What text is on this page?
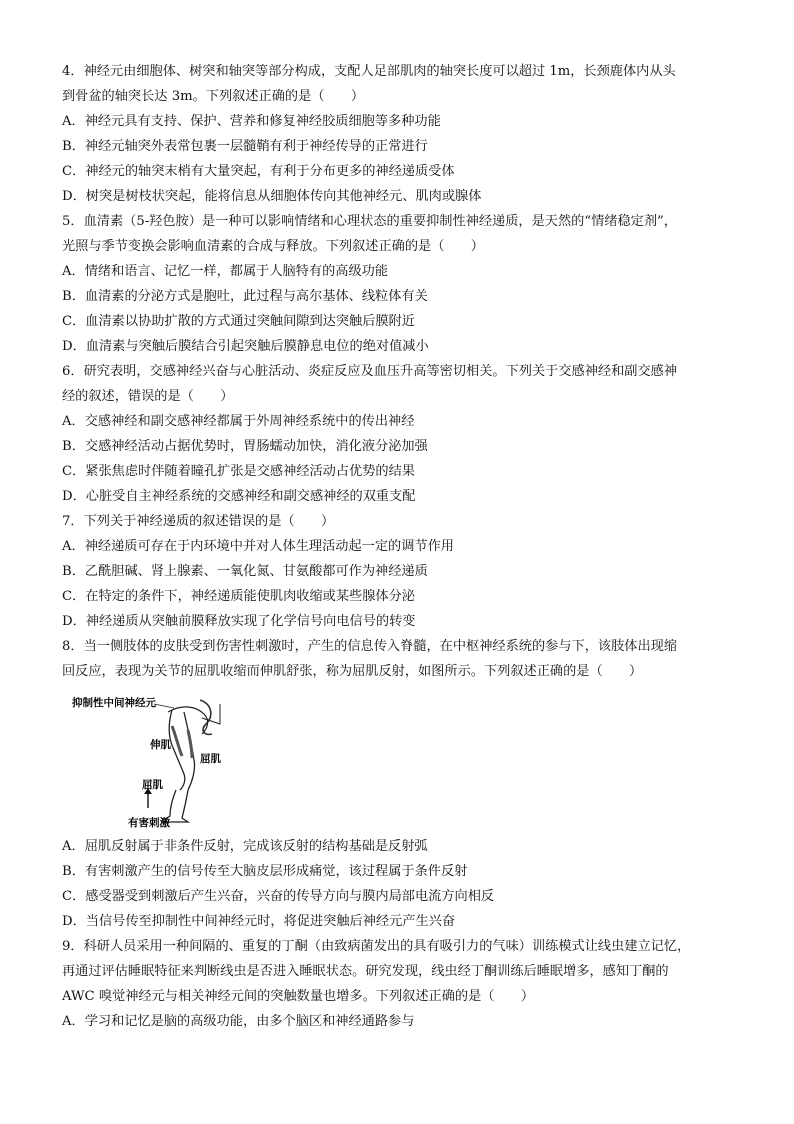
4．神经元由细胞体、树突和轴突等部分构成，支配人足部肌肉的轴突长度可以超过 1m，长颈鹿体内从头
到骨盆的轴突长达 3m。下列叙述正确的是（　　）
A．神经元具有支持、保护、营养和修复神经胶质细胞等多种功能
B．神经元轴突外表常包裹一层髓鞘有利于神经传导的正常进行
C．神经元的轴突末梢有大量突起，有利于分布更多的神经递质受体
D．树突是树枝状突起，能将信息从细胞体传向其他神经元、肌肉或腺体
5．血清素（5-羟色胺）是一种可以影响情绪和心理状态的重要抑制性神经递质，是天然的“情绪稳定剂”，
光照与季节变换会影响血清素的合成与释放。下列叙述正确的是（　　）
A．情绪和语言、记忆一样，都属于人脑特有的高级功能
B．血清素的分泌方式是胞吐，此过程与高尔基体、线粒体有关
C．血清素以协助扩散的方式通过突触间隙到达突触后膜附近
D．血清素与突触后膜结合引起突触后膜静息电位的绝对值减小
6．研究表明，交感神经兴奋与心脏活动、炎症反应及血压升高等密切相关。下列关于交感神经和副交感神
经的叙述，错误的是（　　）
A．交感神经和副交感神经都属于外周神经系统中的传出神经
B．交感神经活动占据优势时，胃肠蠕动加快，消化液分泌加强
C．紧张焦虑时伴随着瞳孔扩张是交感神经活动占优势的结果
D．心脏受自主神经系统的交感神经和副交感神经的双重支配
7．下列关于神经递质的叙述错误的是（　　）
A．神经递质可存在于内环境中并对人体生理活动起一定的调节作用
B．乙酰胆碱、肾上腺素、一氧化氮、甘氨酸都可作为神经递质
C．在特定的条件下，神经递质能使肌肉收缩或某些腺体分泌
D．神经递质从突触前膜释放实现了化学信号向电信号的转变
8．当一侧肢体的皮肤受到伤害性刺激时，产生的信息传入脊髓，在中枢神经系统的参与下，该肢体出现缩
回反应，表现为关节的屈肌收缩而伸肌舒张，称为屈肌反射，如图所示。下列叙述正确的是（　　）
抑制性中间神经元
伸肌
屈肌
屈肌
有害刺激
A．屈肌反射属于非条件反射，完成该反射的结构基础是反射弧
B．有害刺激产生的信号传至大脑皮层形成痛觉，该过程属于条件反射
C．感受器受到刺激后产生兴奋，兴奋的传导方向与膜内局部电流方向相反
D．当信号传至抑制性中间神经元时，将促进突触后神经元产生兴奋
9．科研人员采用一种间隔的、重复的丁酮（由致病菌发出的具有吸引力的气味）训练模式让线虫建立记忆，
再通过评估睡眠特征来判断线虫是否进入睡眠状态。研究发现，线虫经丁酮训练后睡眠增多，感知丁酮的
AWC 嗅觉神经元与相关神经元间的突触数量也增多。下列叙述正确的是（　　）
A．学习和记忆是脑的高级功能，由多个脑区和神经通路参与
